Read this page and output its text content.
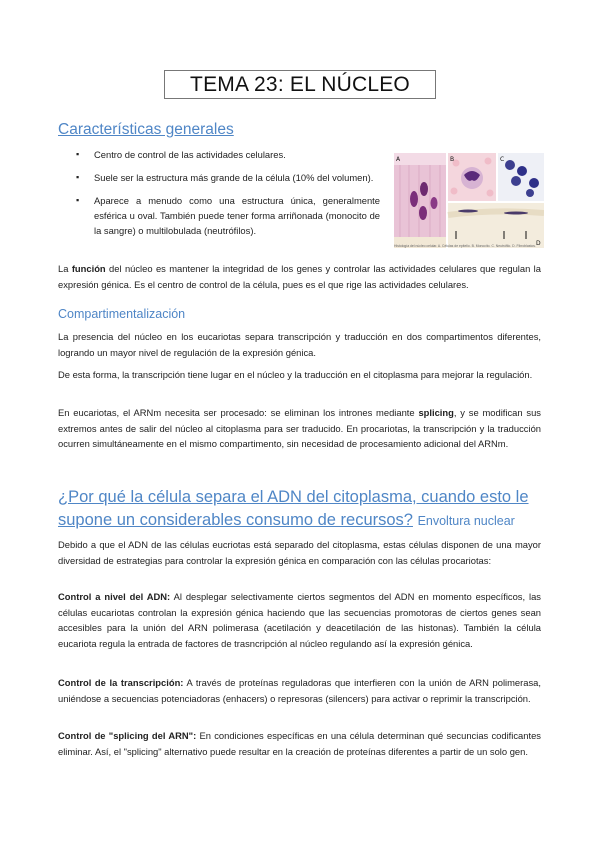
TEMA 23: EL NÚCLEO
Características generales
▪ Centro de control de las actividades celulares.
▪ Suele ser la estructura más grande de la célula (10% del volumen).
▪ Aparece a menudo como una estructura única, generalmente esférica u oval. También puede tener forma arriñonada (monocito de la sangre) o multilobulada (neutrófilos).
A	B	C
D
Histología del núcleo celular. A. Células de epitelio. B. Monocito. C. Neutrófilo. D. Fibroblastos.

La función del núcleo es mantener la integridad de los genes y controlar las actividades celulares que regulan la expresión génica. Es el centro de control de la célula, pues es el que rige las actividades celulares.

Compartimentalización

La presencia del núcleo en los eucariotas separa transcripción y traducción en dos compartimentos diferentes, logrando un mayor nivel de regulación de la expresión génica.

De esta forma, la transcripción tiene lugar en el núcleo y la traducción en el citoplasma para mejorar la regulación.

En eucariotas, el ARNm necesita ser procesado: se eliminan los intrones mediante splicing, y se modifican sus extremos antes de salir del núcleo al citoplasma para ser traducido. En procariotas, la transcripción y la traducción ocurren simultáneamente en el mismo compartimento, sin necesidad de procesamiento adicional del ARNm.

¿Por qué la célula separa el ADN del citoplasma, cuando esto le supone un considerables consumo de recursos? Envoltura nuclear

Debido a que el ADN de las células eucriotas está separado del citoplasma, estas células disponen de una mayor diversidad de estrategias para controlar la expresión génica en comparación con las células procariotas:

Control a nivel del ADN: Al desplegar selectivamente ciertos segmentos del ADN en momento específicos, las células eucariotas controlan la expresión génica haciendo que las secuencias promotoras de ciertos genes sean accesibles para la unión del ARN polimerasa (acetilación y deacetilación de las histonas). También la célula eucariota regula la entrada de factores de trasncripción al núcleo regulando así la expresión génica.

Control de la transcripción: A través de proteínas reguladoras que interfieren con la unión de ARN polimerasa, uniéndose a secuencias potenciadoras (enhacers) o represoras (silencers) para activar o reprimir la transcripción.

Control de "splicing del ARN": En condiciones específicas en una célula determinan qué secuncias codificantes eliminar. Así, el "splicing" alternativo puede resultar en la creación de proteínas diferentes a partir de un solo gen.
